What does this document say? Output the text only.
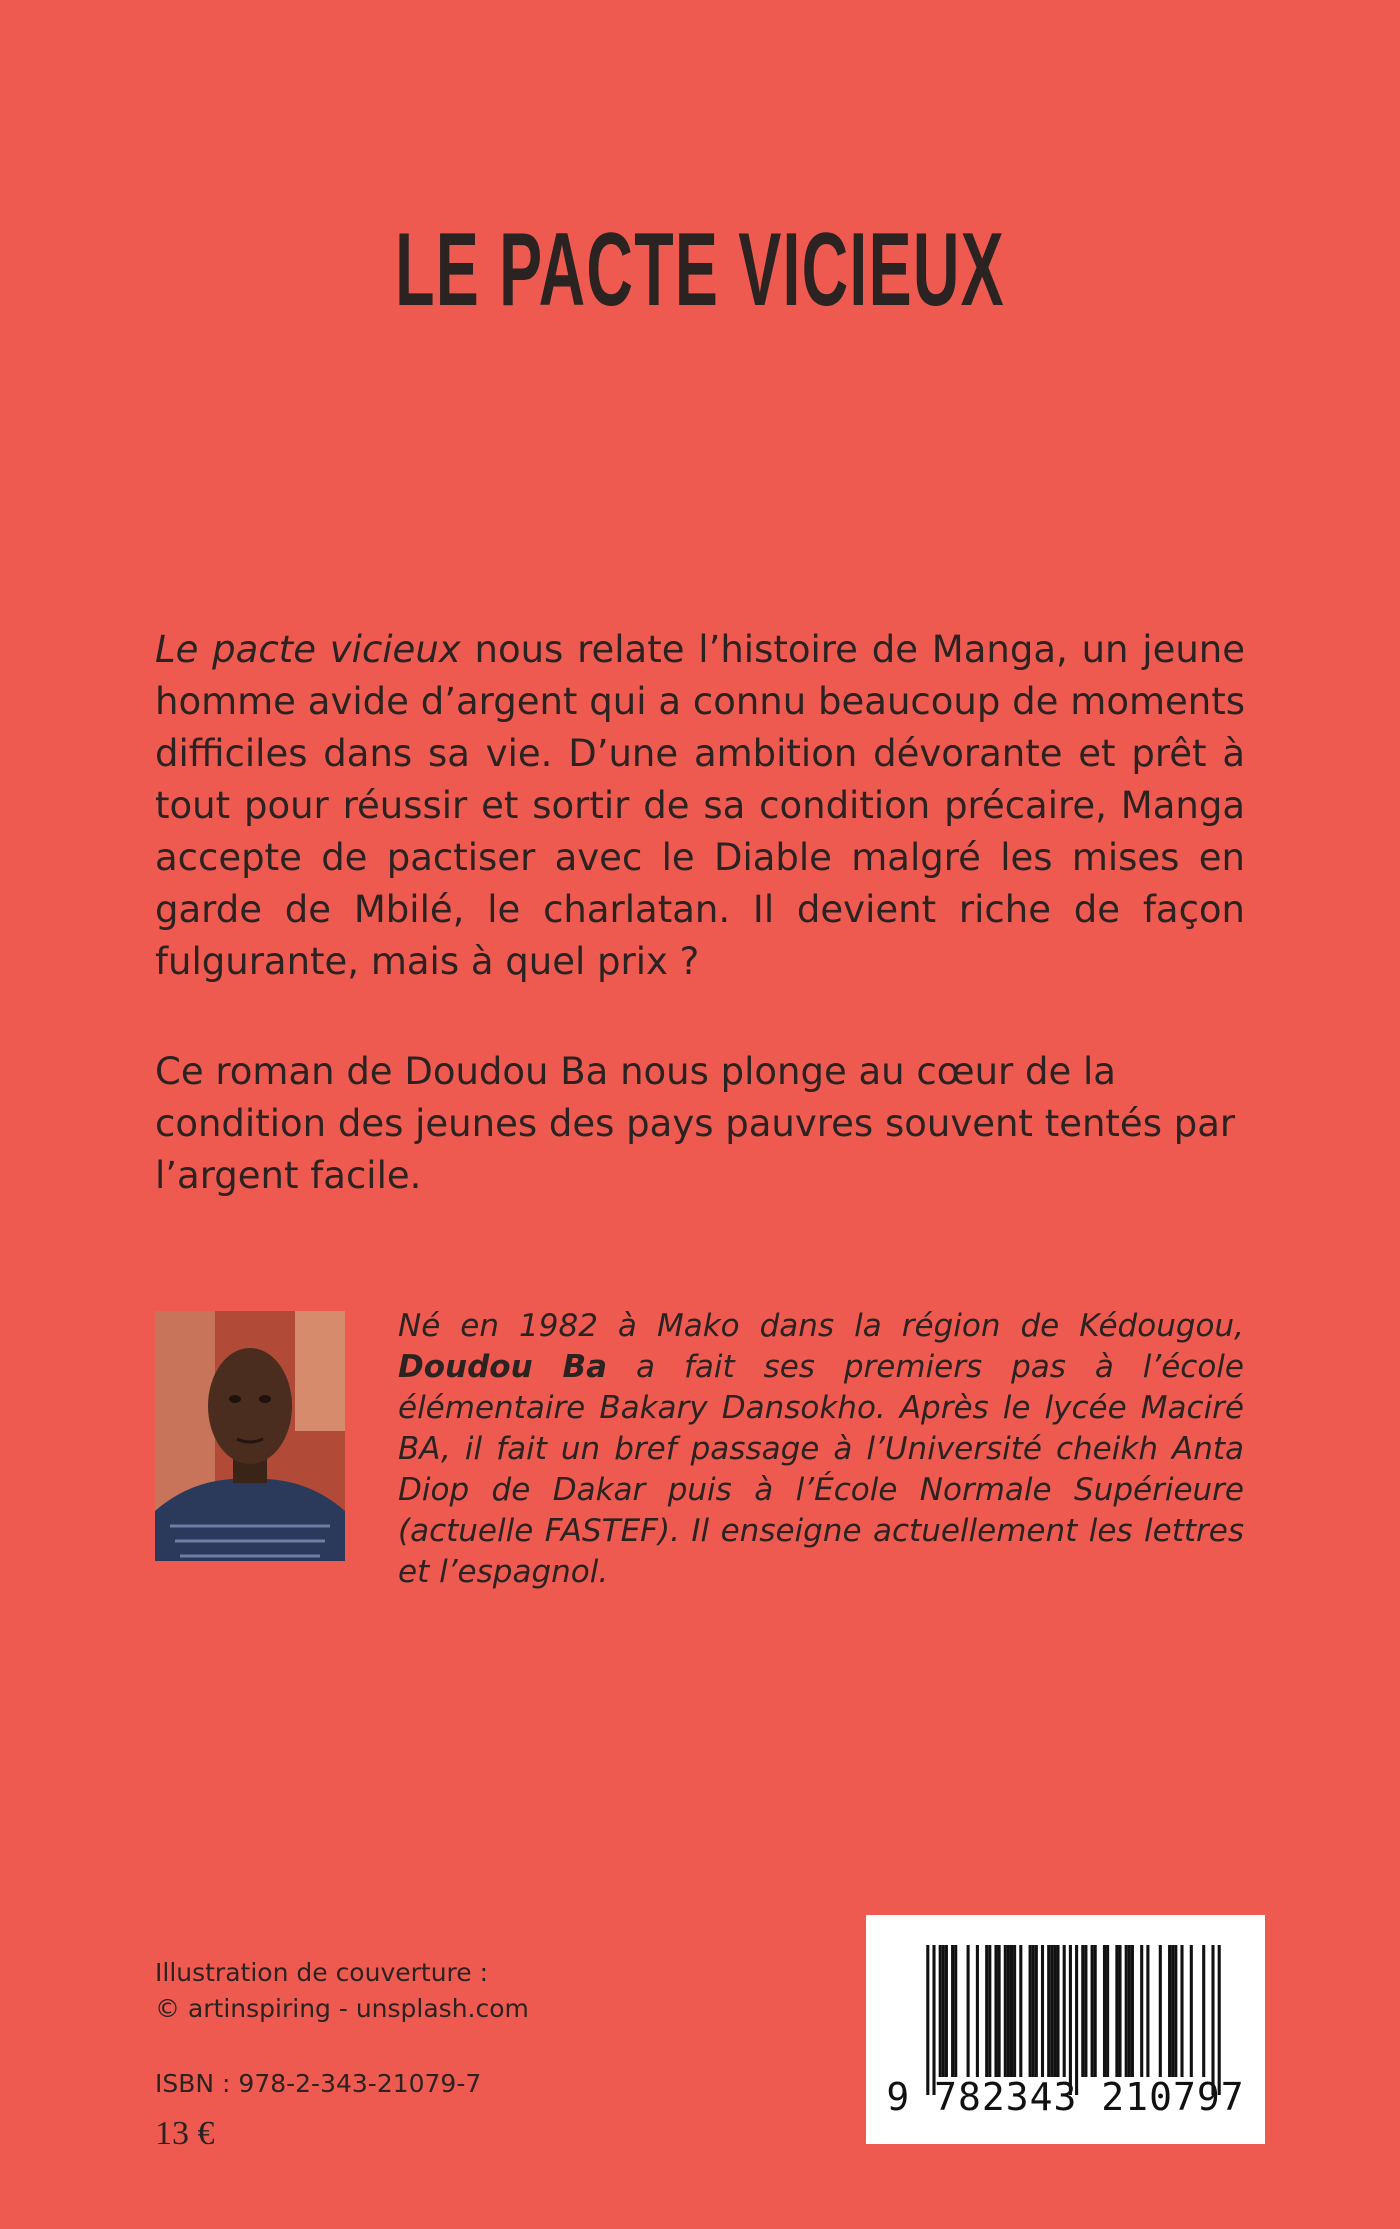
LE PACTE VICIEUX

Le pacte vicieux nous relate l’histoire de Manga, un jeune homme avide d’argent qui a connu beaucoup de moments difficiles dans sa vie. D’une ambition dévorante et prêt à tout pour réussir et sortir de sa condition précaire, Manga accepte de pactiser avec le Diable malgré les mises en garde de Mbilé, le charlatan. Il devient riche de façon fulgurante, mais à quel prix ?

Ce roman de Doudou Ba nous plonge au cœur de la condition des jeunes des pays pauvres souvent tentés par l’argent facile.

Né en 1982 à Mako dans la région de Kédougou, Doudou Ba a fait ses premiers pas à l’école élémentaire Bakary Dansokho. Après le lycée Maciré BA, il fait un bref passage à l’Université cheikh Anta Diop de Dakar puis à l’École Normale Supérieure (actuelle FASTEF). Il enseigne actuellement les lettres et l’espagnol.

Illustration de couverture :
© artinspiring - unsplash.com
ISBN : 978-2-343-21079-7
13 €
9 782343 210797
